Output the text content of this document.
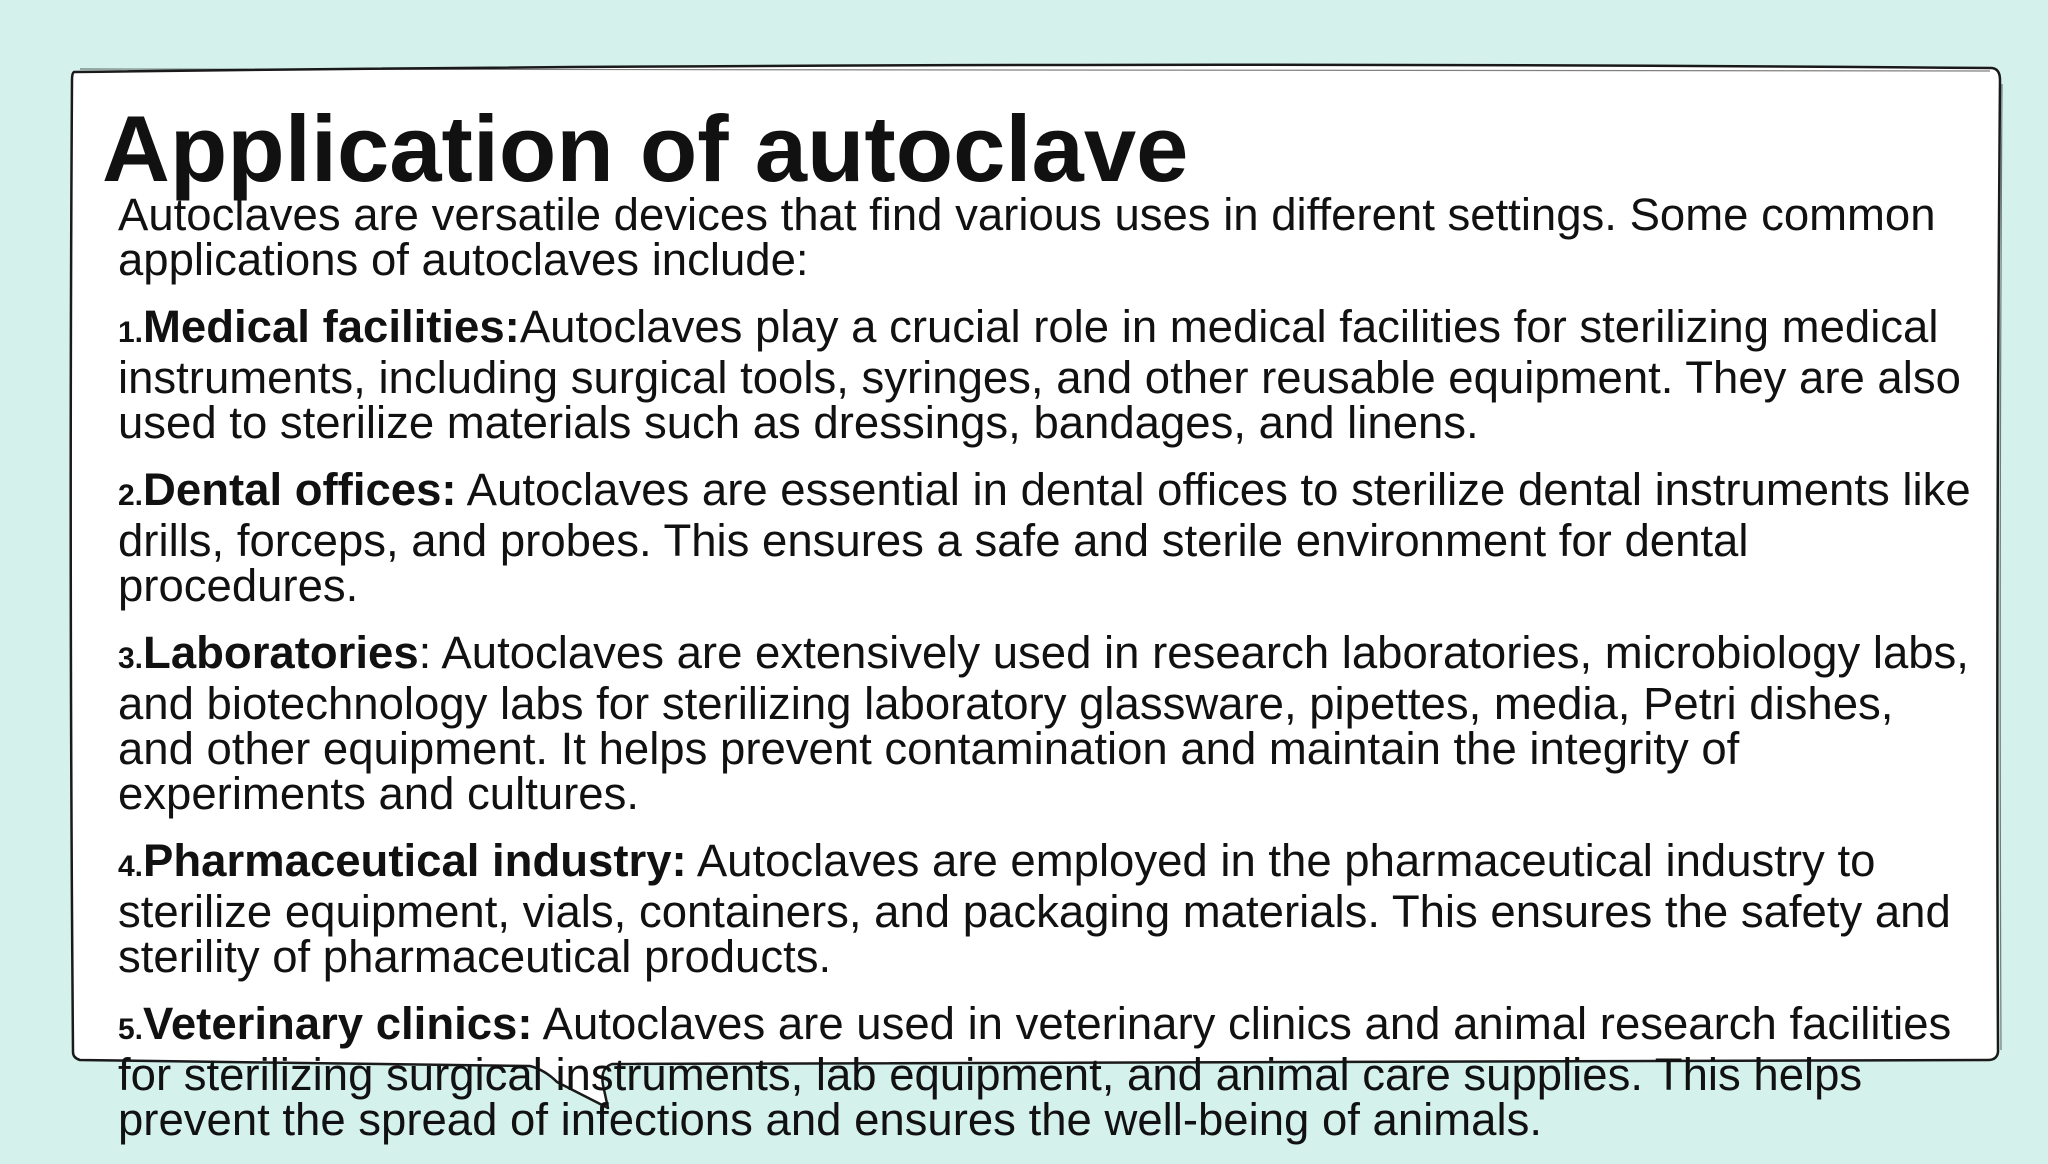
Application of autoclave

Autoclaves are versatile devices that find various uses in different settings. Some common applications of autoclaves include:

1.Medical facilities:Autoclaves play a crucial role in medical facilities for sterilizing medical instruments, including surgical tools, syringes, and other reusable equipment. They are also used to sterilize materials such as dressings, bandages, and linens.

2.Dental offices: Autoclaves are essential in dental offices to sterilize dental instruments like drills, forceps, and probes. This ensures a safe and sterile environment for dental procedures.

3.Laboratories: Autoclaves are extensively used in research laboratories, microbiology labs, and biotechnology labs for sterilizing laboratory glassware, pipettes, media, Petri dishes, and other equipment. It helps prevent contamination and maintain the integrity of experiments and cultures.

4.Pharmaceutical industry: Autoclaves are employed in the pharmaceutical industry to sterilize equipment, vials, containers, and packaging materials. This ensures the safety and sterility of pharmaceutical products.

5.Veterinary clinics: Autoclaves are used in veterinary clinics and animal research facilities for sterilizing surgical instruments, lab equipment, and animal care supplies. This helps prevent the spread of infections and ensures the well-being of animals.
